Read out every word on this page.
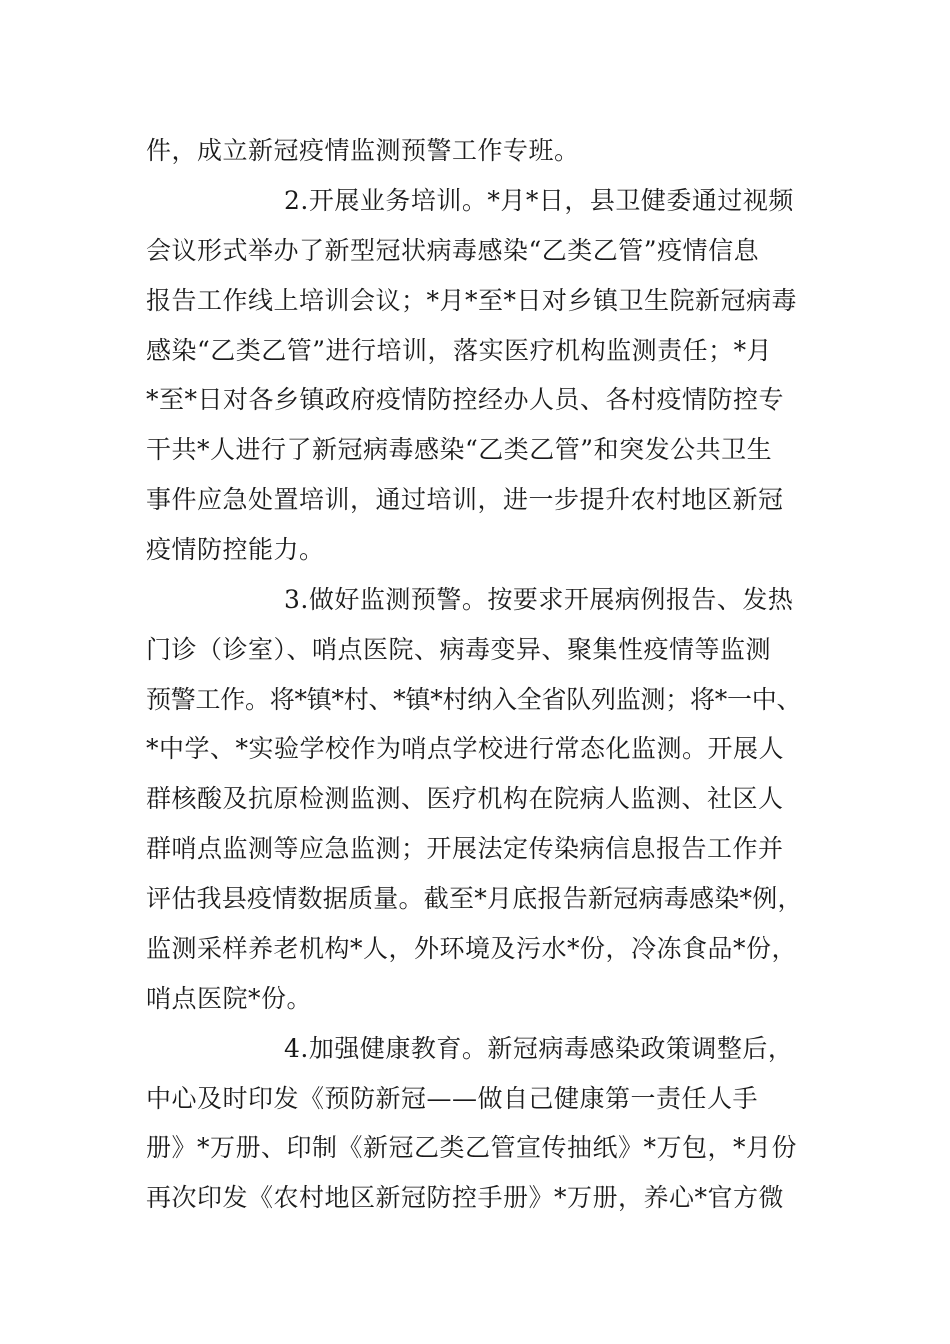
件，成立新冠疫情监测预警工作专班。
2.开展业务培训。*月*日，县卫健委通过视频
会议形式举办了新型冠状病毒感染“乙类乙管”疫情信息
报告工作线上培训会议；*月*至*日对乡镇卫生院新冠病毒
感染“乙类乙管”进行培训，落实医疗机构监测责任；*月
*至*日对各乡镇政府疫情防控经办人员、各村疫情防控专
干共*人进行了新冠病毒感染“乙类乙管”和突发公共卫生
事件应急处置培训，通过培训，进一步提升农村地区新冠
疫情防控能力。
3.做好监测预警。按要求开展病例报告、发热
门诊（诊室）、哨点医院、病毒变异、聚集性疫情等监测
预警工作。将*镇*村、*镇*村纳入全省队列监测；将*一中、
*中学、*实验学校作为哨点学校进行常态化监测。开展人
群核酸及抗原检测监测、医疗机构在院病人监测、社区人
群哨点监测等应急监测；开展法定传染病信息报告工作并
评估我县疫情数据质量。截至*月底报告新冠病毒感染*例，
监测采样养老机构*人，外环境及污水*份，冷冻食品*份，
哨点医院*份。
4.加强健康教育。新冠病毒感染政策调整后，
中心及时印发《预防新冠——做自己健康第一责任人手
册》*万册、印制《新冠乙类乙管宣传抽纸》*万包，*月份
再次印发《农村地区新冠防控手册》*万册，养心*官方微
